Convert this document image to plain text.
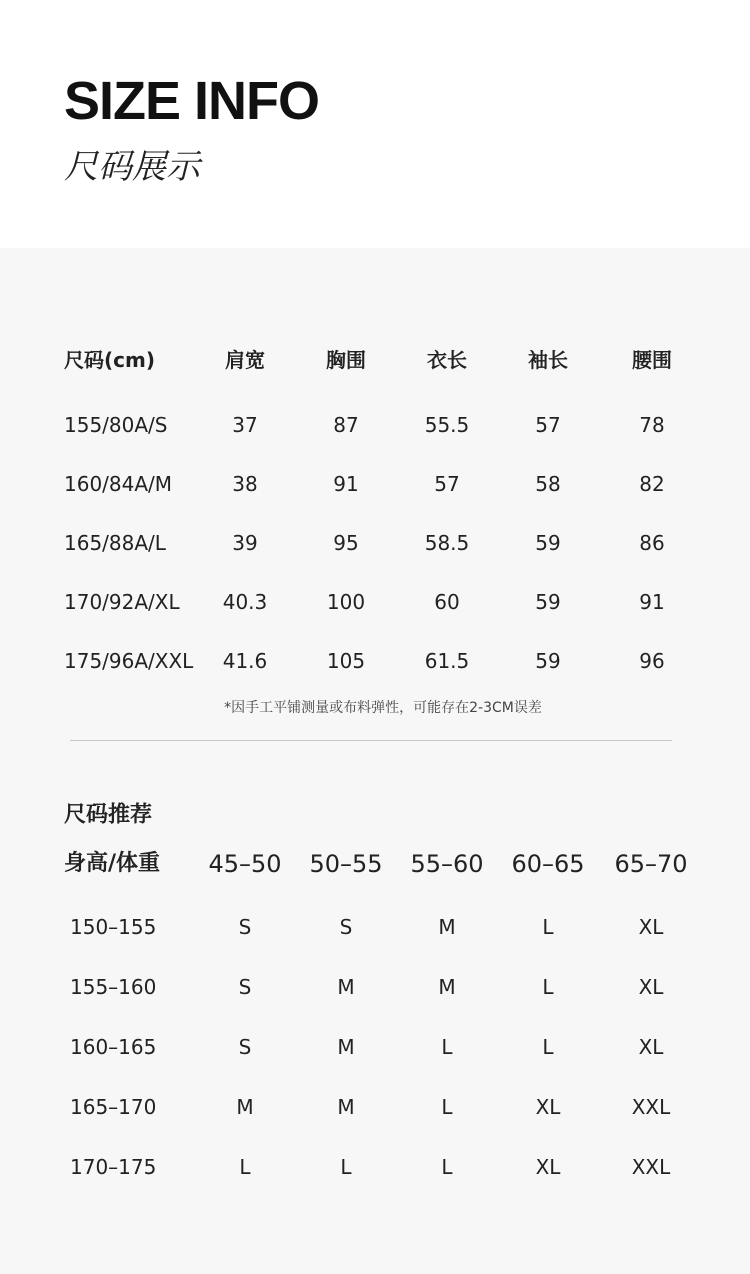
SIZE INFO
尺码展示
尺码(cm)	肩宽	胸围	衣长	袖长	腰围
155/80A/S	37	87	55.5	57	78
160/84A/M	38	91	57	58	82
165/88A/L	39	95	58.5	59	86
170/92A/XL 40.3	100	60	59	91
175/96A/XXL 41.6	105	61.5	59	96
*因手工平铺测量或布料弹性，可能存在2-3CM误差
尺码推荐
身高/体重 45–50 50–55 55–60 60–65 65–70
150–155	S	S	M	L	XL
155–160	S	M	M	L	XL
160–165	S	M	L	L	XL
165–170	M	M	L	XL	XXL
170–175	L	L	L	XL	XXL
